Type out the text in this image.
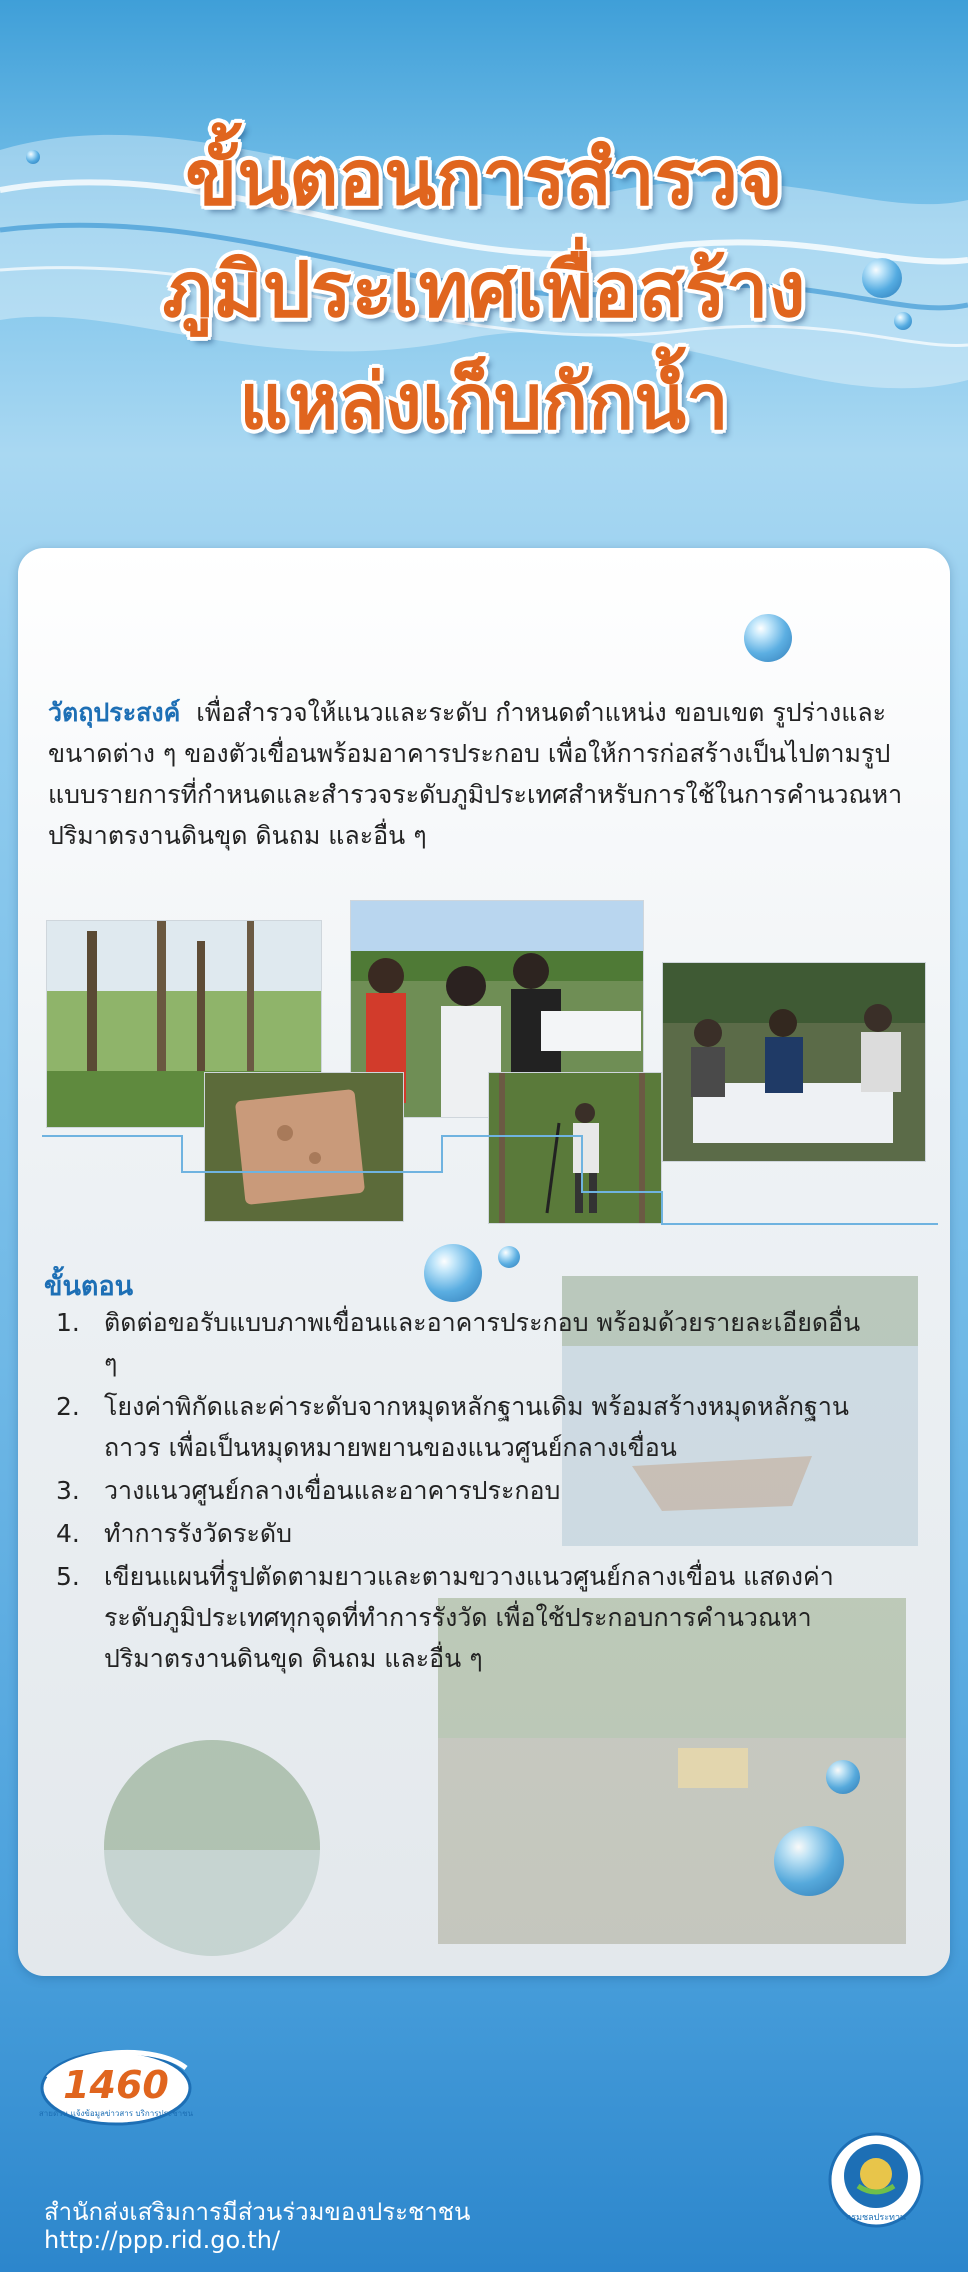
ขั้นตอนการสำรวจ
ภูมิประเทศเพื่อสร้าง
แหล่งเก็บกักน้ำ
วัตถุประสงค์ เพื่อสำรวจให้แนวและระดับ กำหนดตำแหน่ง ขอบเขต รูปร่างและขนาดต่าง ๆ ของตัวเขื่อนพร้อมอาคารประกอบ เพื่อให้การก่อสร้างเป็นไปตามรูปแบบรายการที่กำหนดและสำรวจระดับภูมิประเทศสำหรับการใช้ในการคำนวณหาปริมาตรงานดินขุด ดินถม และอื่น ๆ
ขั้นตอน
1. ติดต่อขอรับแบบภาพเขื่อนและอาคารประกอบ พร้อมด้วยรายละเอียดอื่น ๆ
2. โยงค่าพิกัดและค่าระดับจากหมุดหลักฐานเดิม พร้อมสร้างหมุดหลักฐานถาวร เพื่อเป็นหมุดหมายพยานของแนวศูนย์กลางเขื่อน
3. วางแนวศูนย์กลางเขื่อนและอาคารประกอบ
4. ทำการรังวัดระดับ
5. เขียนแผนที่รูปตัดตามยาวและตามขวางแนวศูนย์กลางเขื่อน แสดงค่าระดับภูมิประเทศทุกจุดที่ทำการรังวัด เพื่อใช้ประกอบการคำนวณหาปริมาตรงานดินขุด ดินถม และอื่น ๆ
1460
สายด่วน แจ้งข้อมูลข่าวสาร บริการประชาชน
สำนักส่งเสริมการมีส่วนร่วมของประชาชน
http://ppp.rid.go.th/
กรมชลประทาน
